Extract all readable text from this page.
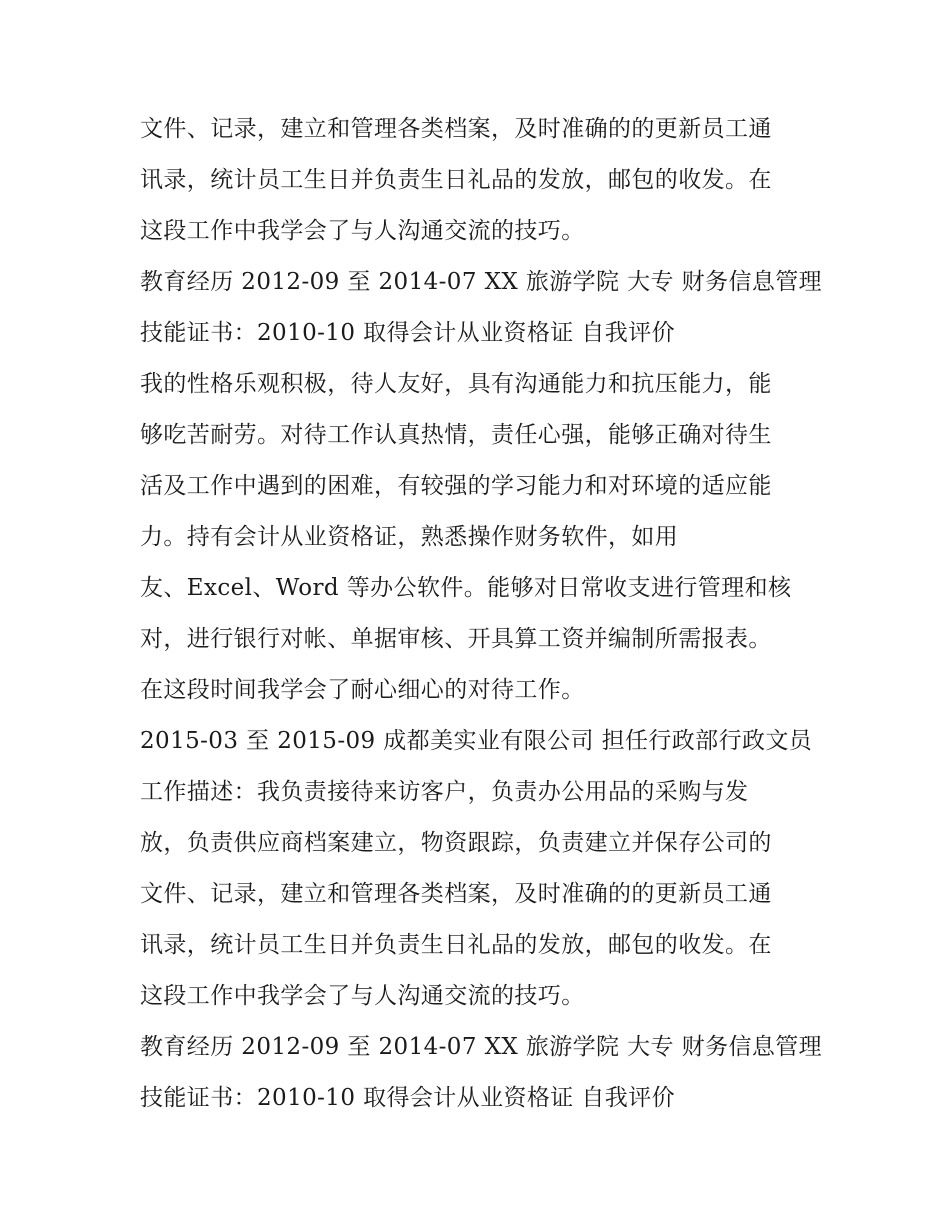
文件、记录，建立和管理各类档案，及时准确的的更新员工通
讯录，统计员工生日并负责生日礼品的发放，邮包的收发。在
这段工作中我学会了与人沟通交流的技巧。
教育经历 2012-09 至 2014-07 XX 旅游学院 大专 财务信息管理
技能证书：2010-10 取得会计从业资格证 自我评价
我的性格乐观积极，待人友好，具有沟通能力和抗压能力，能
够吃苦耐劳。对待工作认真热情，责任心强，能够正确对待生
活及工作中遇到的困难，有较强的学习能力和对环境的适应能
力。持有会计从业资格证，熟悉操作财务软件，如用
友、Excel、Word 等办公软件。能够对日常收支进行管理和核
对，进行银行对帐、单据审核、开具算工资并编制所需报表。
在这段时间我学会了耐心细心的对待工作。
2015-03 至 2015-09 成都美实业有限公司 担任行政部行政文员
工作描述：我负责接待来访客户，负责办公用品的采购与发
放，负责供应商档案建立，物资跟踪，负责建立并保存公司的
文件、记录，建立和管理各类档案，及时准确的的更新员工通
讯录，统计员工生日并负责生日礼品的发放，邮包的收发。在
这段工作中我学会了与人沟通交流的技巧。
教育经历 2012-09 至 2014-07 XX 旅游学院 大专 财务信息管理
技能证书：2010-10 取得会计从业资格证 自我评价
